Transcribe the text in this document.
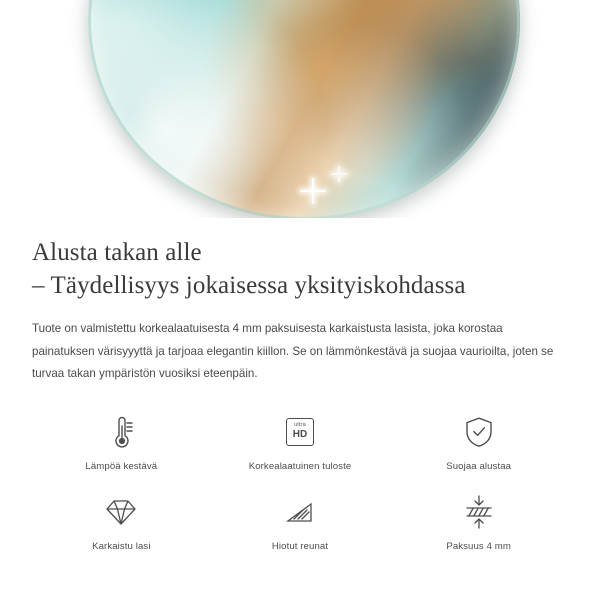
Alusta takan alle
– Täydellisyys jokaisessa yksityiskohdassa

Tuote on valmistettu korkealaatuisesta 4 mm paksuisesta karkaistusta lasista, joka korostaa painatuksen värisyyyttä ja tarjoaa elegantin kiillon. Se on lämmönkestävä ja suojaa vaurioilta, joten se turvaa takan ympäristön vuosiksi eteenpäin.

Lämpöä kestävä
ultra
HD
Korkealaatuinen tuloste	Suojaa alustaa
Karkaistu lasi	Hiotut reunat	Paksuus 4 mm
